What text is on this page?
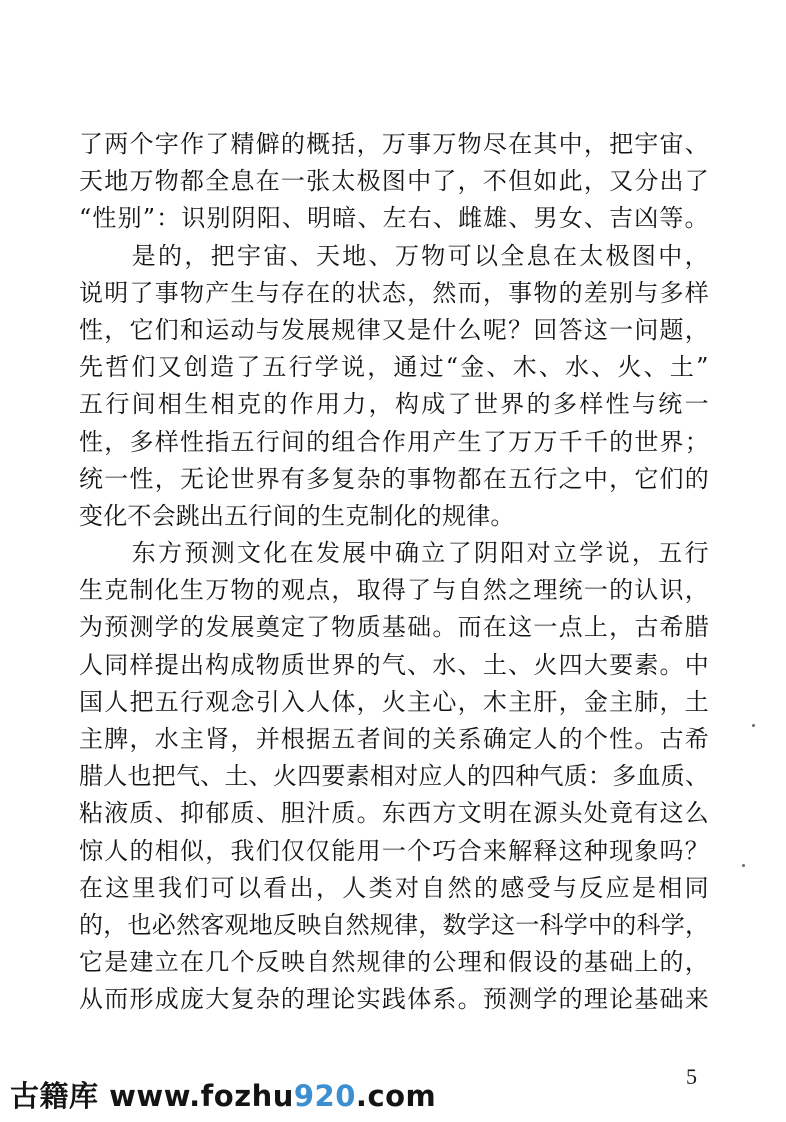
了两个字作了精僻的概括，万事万物尽在其中，把宇宙、
天地万物都全息在一张太极图中了，不但如此，又分出了
“性别”：识别阴阳、明暗、左右、雌雄、男女、吉凶等。
　　是的，把宇宙、天地、万物可以全息在太极图中，
说明了事物产生与存在的状态，然而，事物的差别与多样
性，它们和运动与发展规律又是什么呢？回答这一问题，
先哲们又创造了五行学说，通过“金、木、水、火、土”
五行间相生相克的作用力，构成了世界的多样性与统一
性，多样性指五行间的组合作用产生了万万千千的世界；
统一性，无论世界有多复杂的事物都在五行之中，它们的
变化不会跳出五行间的生克制化的规律。
　　东方预测文化在发展中确立了阴阳对立学说，五行
生克制化生万物的观点，取得了与自然之理统一的认识，
为预测学的发展奠定了物质基础。而在这一点上，古希腊
人同样提出构成物质世界的气、水、土、火四大要素。中
国人把五行观念引入人体，火主心，木主肝，金主肺，土
主脾，水主肾，并根据五者间的关系确定人的个性。古希
腊人也把气、土、火四要素相对应人的四种气质：多血质、
粘液质、抑郁质、胆汁质。东西方文明在源头处竟有这么
惊人的相似，我们仅仅能用一个巧合来解释这种现象吗？
在这里我们可以看出，人类对自然的感受与反应是相同
的，也必然客观地反映自然规律，数学这一科学中的科学，
它是建立在几个反映自然规律的公理和假设的基础上的，
从而形成庞大复杂的理论实践体系。预测学的理论基础来
5
古籍库 www.fozhu920.com
